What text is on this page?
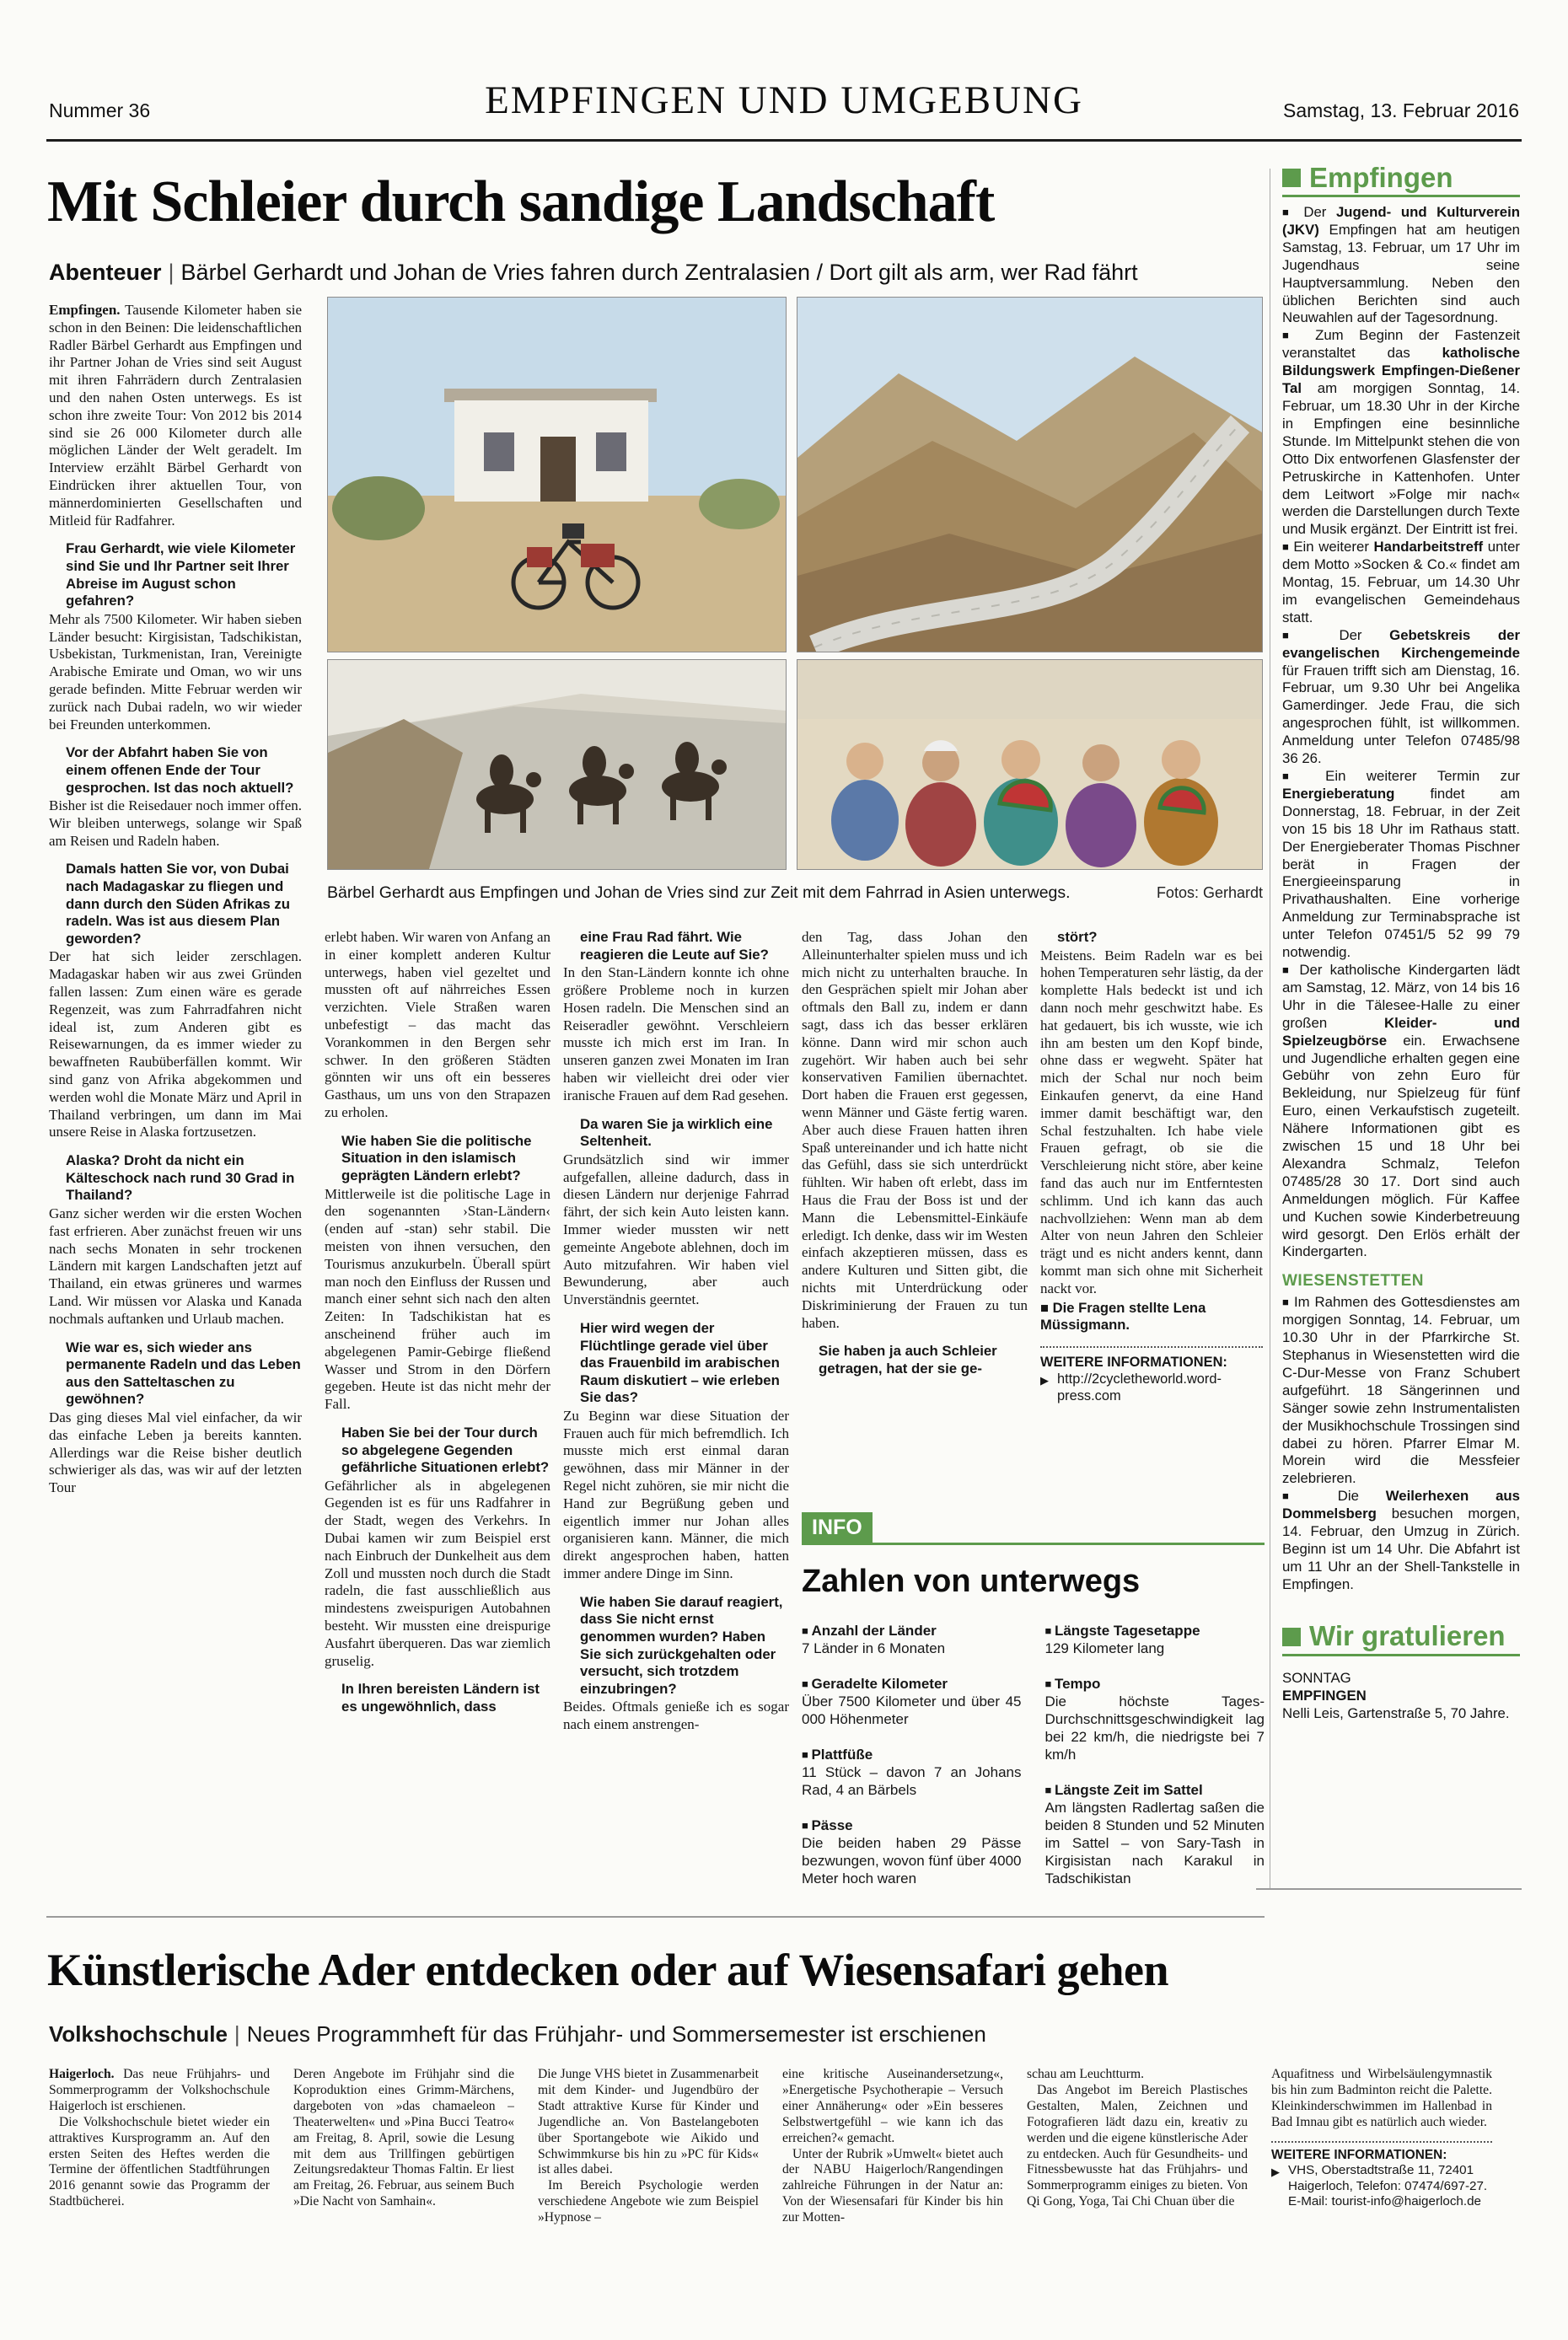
Nummer 36	EMPFINGEN UND UMGEBUNG	Samstag, 13. Februar 2016
Mit Schleier durch sandige Landschaft
Abenteuer | Bärbel Gerhardt und Johan de Vries fahren durch Zentralasien / Dort gilt als arm, wer Rad fährt
Bärbel Gerhardt aus Empfingen und Johan de Vries sind zur Zeit mit dem Fahrrad in Asien unterwegs.	Fotos: Gerhardt

Empfingen. Tausende Kilometer haben sie schon in den Beinen: Die leidenschaftlichen Radler Bärbel Gerhardt aus Empfingen und ihr Partner Johan de Vries sind seit August mit ihren Fahrrädern durch Zentralasien und den nahen Osten unterwegs. Es ist schon ihre zweite Tour: Von 2012 bis 2014 sind sie 26 000 Kilometer durch alle möglichen Länder der Welt geradelt. Im Interview erzählt Bärbel Gerhardt von Eindrücken ihrer aktuellen Tour, von männerdominierten Gesellschaften und Mitleid für Radfahrer.

Frau Gerhardt, wie viele Kilometer sind Sie und Ihr Partner seit Ihrer Abreise im August schon gefahren?

Mehr als 7500 Kilometer. Wir haben sieben Länder besucht: Kirgisistan, Tadschikistan, Usbekistan, Turkmenistan, Iran, Vereinigte Arabische Emirate und Oman, wo wir uns gerade befinden. Mitte Februar werden wir zurück nach Dubai radeln, wo wir wieder bei Freunden unterkommen.

Vor der Abfahrt haben Sie von einem offenen Ende der Tour gesprochen. Ist das noch aktuell?

Bisher ist die Reisedauer noch immer offen. Wir bleiben unterwegs, solange wir Spaß am Reisen und Radeln haben.

Damals hatten Sie vor, von Dubai nach Madagaskar zu fliegen und dann durch den Süden Afrikas zu radeln. Was ist aus diesem Plan geworden?

Der hat sich leider zerschlagen. Madagaskar haben wir aus zwei Gründen fallen lassen: Zum einen wäre es gerade Regenzeit, was zum Fahrradfahren nicht ideal ist, zum Anderen gibt es Reisewarnungen, da es immer wieder zu bewaffneten Raubüberfällen kommt. Wir sind ganz von Afrika abgekommen und werden wohl die Monate März und April in Thailand verbringen, um dann im Mai unsere Reise in Alaska fortzusetzen.

Alaska? Droht da nicht ein Kälteschock nach rund 30 Grad in Thailand?

Ganz sicher werden wir die ersten Wochen fast erfrieren. Aber zunächst freuen wir uns nach sechs Monaten in sehr trockenen Ländern mit kargen Landschaften jetzt auf Thailand, ein etwas grüneres und warmes Land. Wir müssen vor Alaska und Kanada nochmals auftanken und Urlaub machen.

Wie war es, sich wieder ans permanente Radeln und das Leben aus den Satteltaschen zu gewöhnen?

Das ging dieses Mal viel einfacher, da wir das einfache Leben ja bereits kannten. Allerdings war die Reise bisher deutlich schwieriger als das, was wir auf der letzten Tour

erlebt haben. Wir waren von Anfang an in einer komplett anderen Kultur unterwegs, haben viel gezeltet und mussten oft auf nährreiches Essen verzichten. Viele Straßen waren unbefestigt – das macht das Vorankommen in den Bergen sehr schwer. In den größeren Städten gönnten wir uns oft ein besseres Gasthaus, um uns von den Strapazen zu erholen.

Wie haben Sie die politische Situation in den islamisch geprägten Ländern erlebt?

Mittlerweile ist die politische Lage in den sogenannten ›Stan-Ländern‹ (enden auf -stan) sehr stabil. Die meisten von ihnen versuchen, den Tourismus anzukurbeln. Überall spürt man noch den Einfluss der Russen und manch einer sehnt sich nach den alten Zeiten: In Tadschikistan hat es anscheinend früher auch im abgelegenen Pamir-Gebirge fließend Wasser und Strom in den Dörfern gegeben. Heute ist das nicht mehr der Fall.

Haben Sie bei der Tour durch so abgelegene Gegenden gefährliche Situationen erlebt?

Gefährlicher als in abgelegenen Gegenden ist es für uns Radfahrer in der Stadt, wegen des Verkehrs. In Dubai kamen wir zum Beispiel erst nach Einbruch der Dunkelheit aus dem Zoll und mussten noch durch die Stadt radeln, die fast ausschließlich aus mindestens zweispurigen Autobahnen besteht. Wir mussten eine dreispurige Ausfahrt überqueren. Das war ziemlich gruselig.

In Ihren bereisten Ländern ist es ungewöhnlich, dass

eine Frau Rad fährt. Wie reagieren die Leute auf Sie?

In den Stan-Ländern konnte ich ohne größere Probleme noch in kurzen Hosen radeln. Die Menschen sind an Reiseradler gewöhnt. Verschleiern musste ich mich erst im Iran. In unseren ganzen zwei Monaten im Iran haben wir vielleicht drei oder vier iranische Frauen auf dem Rad gesehen.

Da waren Sie ja wirklich eine Seltenheit.

Grundsätzlich sind wir immer aufgefallen, alleine dadurch, dass in diesen Ländern nur derjenige Fahrrad fährt, der sich kein Auto leisten kann. Immer wieder mussten wir nett gemeinte Angebote ablehnen, doch im Auto mitzufahren. Wir haben viel Bewunderung, aber auch Unverständnis geerntet.

Hier wird wegen der Flüchtlinge gerade viel über das Frauenbild im arabischen Raum diskutiert – wie erleben Sie das?

Zu Beginn war diese Situation der Frauen auch für mich befremdlich. Ich musste mich erst einmal daran gewöhnen, dass mir Männer in der Regel nicht zuhören, sie mir nicht die Hand zur Begrüßung geben und eigentlich immer nur Johan alles organisieren kann. Männer, die mich direkt angesprochen haben, hatten immer andere Dinge im Sinn.

Wie haben Sie darauf reagiert, dass Sie nicht ernst genommen wurden? Haben Sie sich zurückgehalten oder versucht, sich trotzdem einzubringen?

Beides. Oftmals genieße ich es sogar nach einem anstrengen-

den Tag, dass Johan den Alleinunterhalter spielen muss und ich mich nicht zu unterhalten brauche. In den Gesprächen spielt mir Johan aber oftmals den Ball zu, indem er dann sagt, dass ich das besser erklären könne. Dann wird mir schon auch zugehört. Wir haben auch bei sehr konservativen Familien übernachtet. Dort haben die Frauen erst gegessen, wenn Männer und Gäste fertig waren. Aber auch diese Frauen hatten ihren Spaß untereinander und ich hatte nicht das Gefühl, dass sie sich unterdrückt fühlten. Wir haben oft erlebt, dass im Haus die Frau der Boss ist und der Mann die Lebensmittel-Einkäufe erledigt. Ich denke, dass wir im Westen einfach akzeptieren müssen, dass es andere Kulturen und Sitten gibt, die nichts mit Unterdrückung oder Diskriminierung der Frauen zu tun haben.

Sie haben ja auch Schleier getragen, hat der sie ge-

stört?

Meistens. Beim Radeln war es bei hohen Temperaturen sehr lästig, da der komplette Hals bedeckt ist und ich dann noch mehr geschwitzt habe. Es hat gedauert, bis ich wusste, wie ich ihn am besten um den Kopf binde, ohne dass er wegweht. Später hat mich der Schal nur noch beim Einkaufen genervt, da eine Hand immer damit beschäftigt war, den Schal festzuhalten. Ich habe viele Frauen gefragt, ob sie die Verschleierung nicht störe, aber keine fand das auch nur im Entferntesten schlimm. Und ich kann das auch nachvollziehen: Wenn man ab dem Alter von neun Jahren den Schleier trägt und es nicht anders kennt, dann kommt man sich ohne mit Sicherheit nackt vor.

■ Die Fragen stellte Lena Müssigmann.

WEITERE INFORMATIONEN:

▶ http://2cycletheworld.word-press.com

INFO
Zahlen von unterwegs

■ Anzahl der Länder

7 Länder in 6 Monaten

■ Geradelte Kilometer

Über 7500 Kilometer und über 45 000 Höhenmeter

■ Plattfüße

11 Stück – davon 7 an Johans Rad, 4 an Bärbels

■ Pässe

Die beiden haben 29 Pässe bezwungen, wovon fünf über 4000 Meter hoch waren

■ Längste Tagesetappe

129 Kilometer lang

■ Tempo

Die höchste Tages-Durchschnittsgeschwindigkeit lag bei 22 km/h, die niedrigste bei 7 km/h

■ Längste Zeit im Sattel

Am längsten Radlertag saßen die beiden 8 Stunden und 52 Minuten im Sattel – von Sary-Tash in Kirgisistan nach Karakul in Tadschikistan

Empfingen

■ Der Jugend- und Kulturverein (JKV) Empfingen hat am heutigen Samstag, 13. Februar, um 17 Uhr im Jugendhaus seine Hauptversammlung. Neben den üblichen Berichten sind auch Neuwahlen auf der Tagesordnung.

■ Zum Beginn der Fastenzeit veranstaltet das katholische Bildungswerk Empfingen-Dießener Tal am morgigen Sonntag, 14. Februar, um 18.30 Uhr in der Kirche in Empfingen eine besinnliche Stunde. Im Mittelpunkt stehen die von Otto Dix entworfenen Glasfenster der Petruskirche in Kattenhofen. Unter dem Leitwort »Folge mir nach« werden die Darstellungen durch Texte und Musik ergänzt. Der Eintritt ist frei.

■ Ein weiterer Handarbeitstreff unter dem Motto »Socken & Co.« findet am Montag, 15. Februar, um 14.30 Uhr im evangelischen Gemeindehaus statt.

■ Der Gebetskreis der evangelischen Kirchengemeinde für Frauen trifft sich am Dienstag, 16. Februar, um 9.30 Uhr bei Angelika Gamerdinger. Jede Frau, die sich angesprochen fühlt, ist willkommen. Anmeldung unter Telefon 07485/98 36 26.

■ Ein weiterer Termin zur Energieberatung findet am Donnerstag, 18. Februar, in der Zeit von 15 bis 18 Uhr im Rathaus statt. Der Energieberater Thomas Pischner berät in Fragen der Energieeinsparung in Privathaushalten. Eine vorherige Anmeldung zur Terminabsprache ist unter Telefon 07451/5 52 99 79 notwendig.

■ Der katholische Kindergarten lädt am Samstag, 12. März, von 14 bis 16 Uhr in die Tälesee-Halle zu einer großen Kleider- und Spielzeugbörse ein. Erwachsene und Jugendliche erhalten gegen eine Gebühr von zehn Euro für Bekleidung, nur Spielzeug für fünf Euro, einen Verkaufstisch zugeteilt. Nähere Informationen gibt es zwischen 15 und 18 Uhr bei Alexandra Schmalz, Telefon 07485/28 30 17. Dort sind auch Anmeldungen möglich. Für Kaffee und Kuchen sowie Kinderbetreuung wird gesorgt. Den Erlös erhält der Kindergarten.

WIESENSTETTEN

■ Im Rahmen des Gottesdienstes am morgigen Sonntag, 14. Februar, um 10.30 Uhr in der Pfarrkirche St. Stephanus in Wiesenstetten wird die C-Dur-Messe von Franz Schubert aufgeführt. 18 Sängerinnen und Sänger sowie zehn Instrumentalisten der Musikhochschule Trossingen sind dabei zu hören. Pfarrer Elmar M. Morein wird die Messfeier zelebrieren.

■ Die Weilerhexen aus Dommelsberg besuchen morgen, 14. Februar, den Umzug in Zürich. Beginn ist um 14 Uhr. Die Abfahrt ist um 11 Uhr an der Shell-Tankstelle in Empfingen.

Wir gratulieren

SONNTAG

EMPFINGEN

Nelli Leis, Gartenstraße 5, 70 Jahre.

Künstlerische Ader entdecken oder auf Wiesensafari gehen
Volkshochschule | Neues Programmheft für das Frühjahr- und Sommersemester ist erschienen

Haigerloch. Das neue Frühjahrs- und Sommerprogramm der Volkshochschule Haigerloch ist erschienen.

Die Volkshochschule bietet wieder ein attraktives Kursprogramm an. Auf den ersten Seiten des Heftes werden die Termine der öffentlichen Stadtführungen 2016 genannt sowie das Programm der Stadtbücherei.

Deren Angebote im Frühjahr sind die Koproduktion eines Grimm-Märchens, dargeboten von »das chamaeleon – Theaterwelten« und »Pina Bucci Teatro« am Freitag, 8. April, sowie die Lesung mit dem aus Trillfingen gebürtigen Zeitungsredakteur Thomas Faltin. Er liest am Freitag, 26. Februar, aus seinem Buch »Die Nacht von Samhain«.

Die Junge VHS bietet in Zusammenarbeit mit dem Kinder- und Jugendbüro der Stadt attraktive Kurse für Kinder und Jugendliche an. Von Bastelangeboten über Sportangebote wie Aikido und Schwimmkurse bis hin zu »PC für Kids« ist alles dabei.

Im Bereich Psychologie werden verschiedene Angebote wie zum Beispiel »Hypnose –

eine kritische Auseinandersetzung«, »Energetische Psychotherapie – Versuch einer Annäherung« oder »Ein besseres Selbstwertgefühl – wie kann ich das erreichen?« gemacht.

Unter der Rubrik »Umwelt« bietet auch der NABU Haigerloch/Rangendingen zahlreiche Führungen in der Natur an: Von der Wiesensafari für Kinder bis hin zur Motten-

schau am Leuchtturm.

Das Angebot im Bereich Plastisches Gestalten, Malen, Zeichnen und Fotografieren lädt dazu ein, kreativ zu werden und die eigene künstlerische Ader zu entdecken. Auch für Gesundheits- und Fitnessbewusste hat das Frühjahrs- und Sommerprogramm einiges zu bieten. Von Qi Gong, Yoga, Tai Chi Chuan über die

Aquafitness und Wirbelsäulengymnastik bis hin zum Badminton reicht die Palette. Kleinkinderschwimmen im Hallenbad in Bad Imnau gibt es natürlich auch wieder.

WEITERE INFORMATIONEN:

▶ VHS, Oberstadtstraße 11, 72401 Haigerloch, Telefon: 07474/697-27. E-Mail: tourist-info@haigerloch.de
